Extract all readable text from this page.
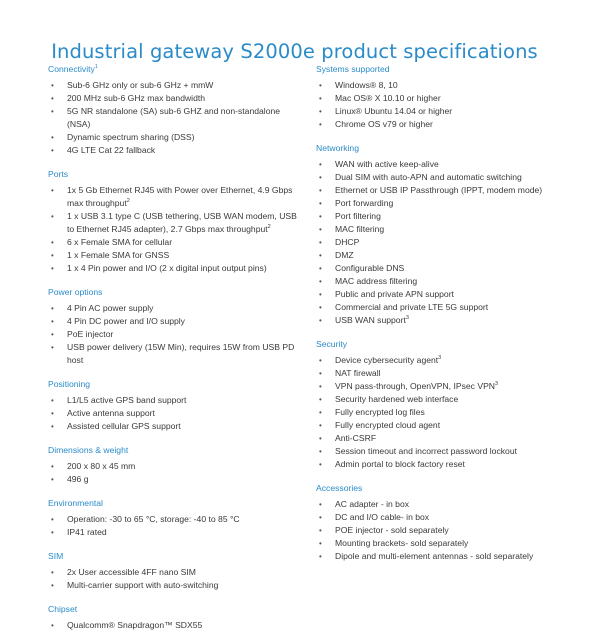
Industrial gateway S2000e product specifications
Connectivity$^1$
• Sub-6 GHz only or sub-6 GHz + mmW
• 200 MHz sub-6 GHz max bandwidth
• 5G NR standalone (SA) sub-6 GHZ and non-standalone (NSA)
• Dynamic spectrum sharing (DSS)
• 4G LTE Cat 22 fallback
Ports
• 1x 5 Gb Ethernet RJ45 with Power over Ethernet, 4.9 Gbps max throughput$^2$
• 1 x USB 3.1 type C (USB tethering, USB WAN modem, USB to Ethernet RJ45 adapter), 2.7 Gbps max throughput$^2$
• 6 x Female SMA for cellular
• 1 x Female SMA for GNSS
• 1 x 4 Pin power and I/O (2 x digital input output pins)
Power options
• 4 Pin AC power supply
• 4 Pin DC power and I/O supply
• PoE injector
• USB power delivery (15W Min), requires 15W from USB PD host
Positioning
• L1/L5 active GPS band support
• Active antenna support
• Assisted cellular GPS support
Dimensions & weight
• 200 x 80 x 45 mm
• 496 g
Environmental
• Operation: -30 to 65 °C, storage: -40 to 85 °C
• IP41 rated
SIM
• 2x User accessible 4FF nano SIM
• Multi-carrier support with auto-switching
Chipset
• Qualcomm® Snapdragon™ SDX55
Systems supported
• Windows® 8, 10
• Mac OS® X 10.10 or higher
• Linux® Ubuntu 14.04 or higher
• Chrome OS v79 or higher
Networking
• WAN with active keep-alive
• Dual SIM with auto-APN and automatic switching
• Ethernet or USB IP Passthrough (IPPT, modem mode)
• Port forwarding
• Port filtering
• MAC filtering
• DHCP
• DMZ
• Configurable DNS
• MAC address filtering
• Public and private APN support
• Commercial and private LTE 5G support
• USB WAN support$^3$
Security
• Device cybersecurity agent$^3$
• NAT firewall
• VPN pass-through, OpenVPN, IPsec VPN$^3$
• Security hardened web interface
• Fully encrypted log files
• Fully encrypted cloud agent
• Anti-CSRF
• Session timeout and incorrect password lockout
• Admin portal to block factory reset
Accessories
• AC adapter - in box
• DC and I/O cable- in box
• POE injector - sold separately
• Mounting brackets- sold separately
• Dipole and multi-element antennas - sold separately
